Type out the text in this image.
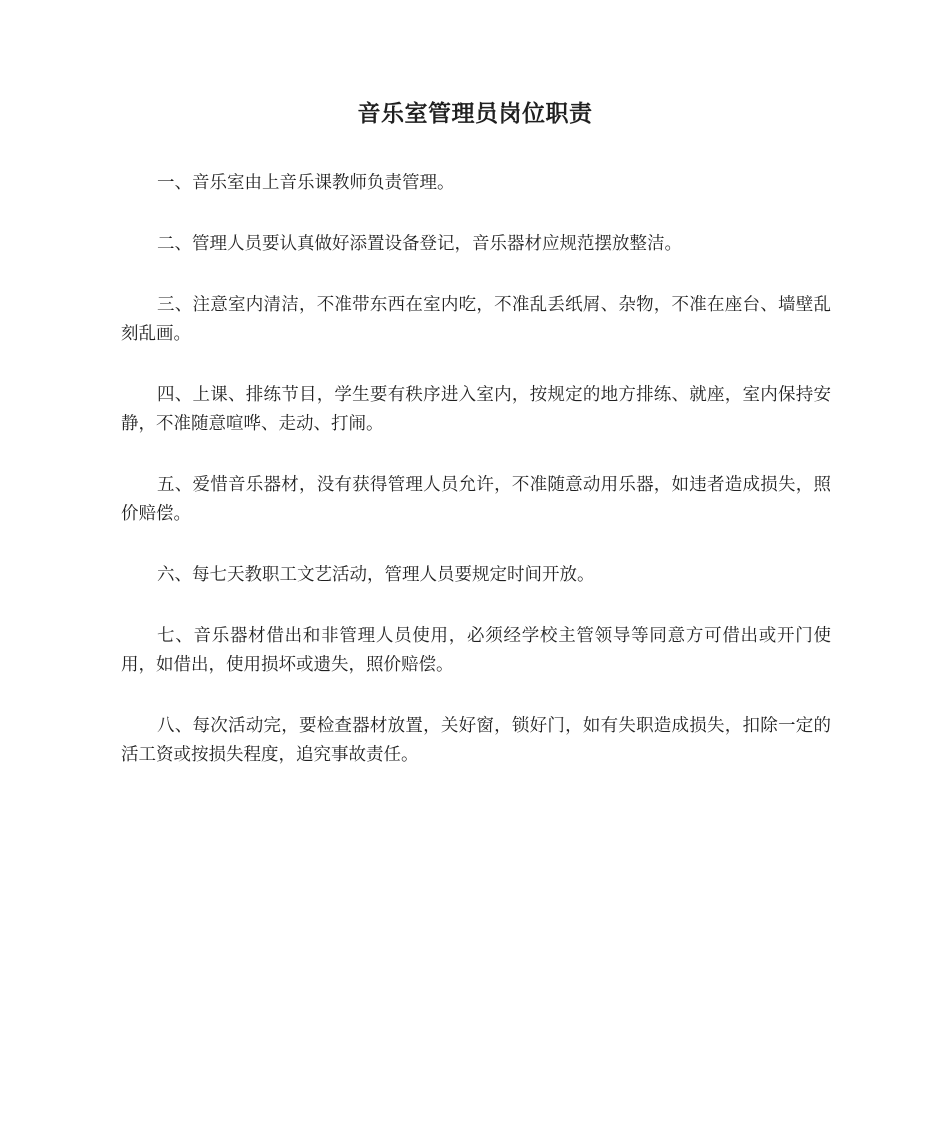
音乐室管理员岗位职责

一、音乐室由上音乐课教师负责管理。

二、管理人员要认真做好添置设备登记，音乐器材应规范摆放整洁。

三、注意室内清洁，不准带东西在室内吃，不准乱丢纸屑、杂物，不准在座台、墙壁乱刻乱画。

四、上课、排练节目，学生要有秩序进入室内，按规定的地方排练、就座，室内保持安静，不准随意喧哗、走动、打闹。

五、爱惜音乐器材，没有获得管理人员允许，不准随意动用乐器，如违者造成损失，照价赔偿。

六、每七天教职工文艺活动，管理人员要规定时间开放。

七、音乐器材借出和非管理人员使用，必须经学校主管领导等同意方可借出或开门使用，如借出，使用损坏或遗失，照价赔偿。

八、每次活动完，要检查器材放置，关好窗，锁好门，如有失职造成损失，扣除一定的活工资或按损失程度，追究事故责任。
